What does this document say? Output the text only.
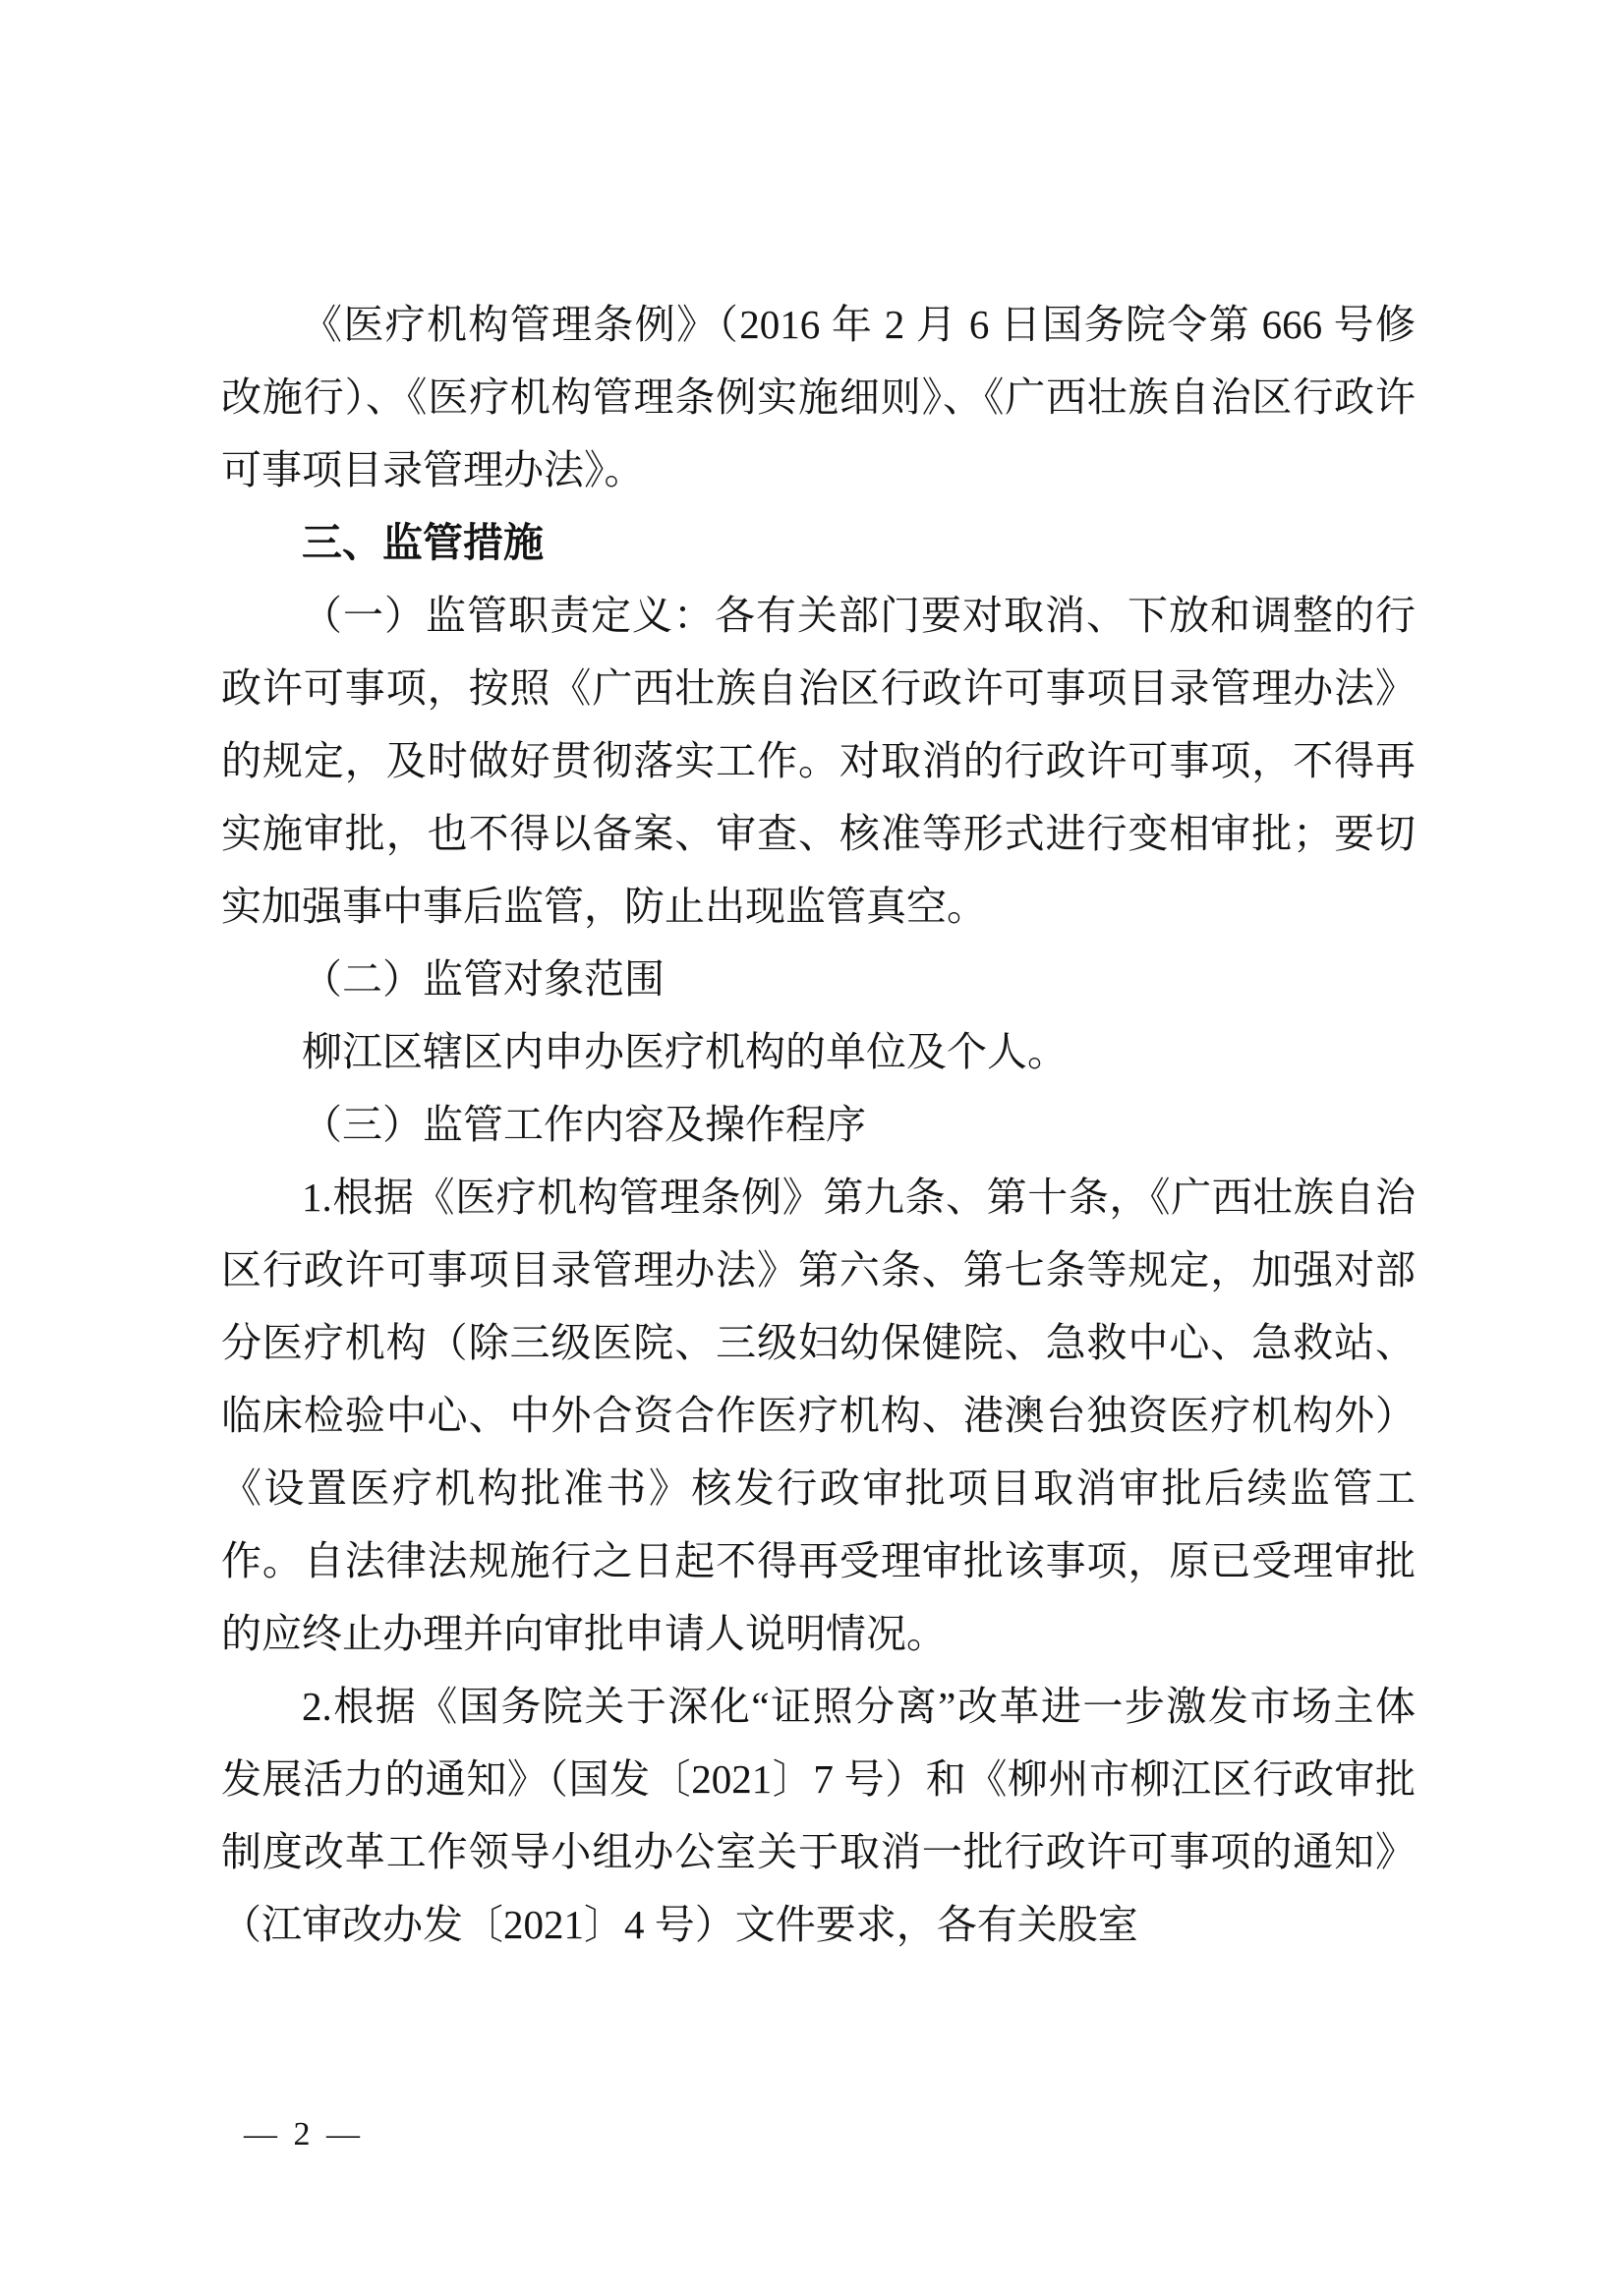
《医疗机构管理条例》（2016 年 2 月 6 日国务院令第 666 号修改施行）、《医疗机构管理条例实施细则》、《广西壮族自治区行政许可事项目录管理办法》。

三、监管措施

（一）监管职责定义：各有关部门要对取消、下放和调整的行政许可事项，按照《广西壮族自治区行政许可事项目录管理办法》的规定，及时做好贯彻落实工作。对取消的行政许可事项，不得再实施审批，也不得以备案、审查、核准等形式进行变相审批；要切实加强事中事后监管，防止出现监管真空。

（二）监管对象范围

柳江区辖区内申办医疗机构的单位及个人。

（三）监管工作内容及操作程序

1.根据《医疗机构管理条例》第九条、第十条，《广西壮族自治区行政许可事项目录管理办法》第六条、第七条等规定，加强对部分医疗机构（除三级医院、三级妇幼保健院、急救中心、急救站、临床检验中心、中外合资合作医疗机构、港澳台独资医疗机构外）《设置医疗机构批准书》核发行政审批项目取消审批后续监管工作。自法律法规施行之日起不得再受理审批该事项，原已受理审批的应终止办理并向审批申请人说明情况。

2.根据《国务院关于深化“证照分离”改革进一步激发市场主体发展活力的通知》（国发〔2021〕7 号）和《柳州市柳江区行政审批制度改革工作领导小组办公室关于取消一批行政许可事项的通知》（江审改办发〔2021〕4 号）文件要求，各有关股室

— 2 —
